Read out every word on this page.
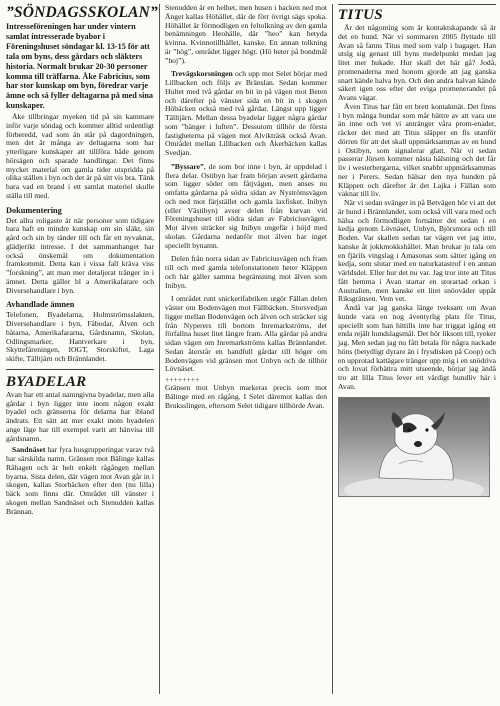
”SÖNDAGSSKOLAN”
Intresseföreningen har under vintern samlat intresserade byabor i Föreningshuset söndagar kl. 13-15 för att tala om byns, dess gårdars och släkters historia. Normalt brukar 20-30 personer komma till träffarna. Åke Fabricius, som har stor kunskap om byn, föredrar varje ämne och så fyller deltagarna på med sina kunskaper.

Åke tillbringar myeken tid på sin kammare inför varje söndag och kommer alltid ordentligt förberedd, vad som än står på dagordningen, men det är många av deltagarna som har ytterligare kunskaper att tillföra både genom hörsägen och sparade handlingar. Det finns mycket material om gamla tider utspridda på olika ställen i byn och det är på sitt vis bra. Tänk bara vad en brand i ett samlat materiel skulle ställa till med.

Dokumentering

Det allra roligaste är när personer som tidigare bara haft en mindre kunskap om sin släkt, sin gård och sin by tänder till och får ett nyvaknat, glädjerikt intresse. I det sammanhanget har också önskemål om dokumentation framkommit. Detta kan i vissa fall kräva viss ”forskning”, att man mer detaljerat tränger in i ämnet. Detta gäller bl a Amerikafarare och Diversehandlare i byn.

Avhandlade ämnen

Telefonen, Byadelarna, Holmströmsslakten, Diversehandlare i byn, Fåbodar, Älven och båtarna, Amerikafararna, Gårdsnamn, Skolan, Odlingsmarker, Hantverkare i byn, Skyttefåreningen, IOGT, Storskiftet, Laga skifte, Tälltjärn och Brännlandet.

BYADELAR

Avan har ett antal namngivna byadelar, men alla gårdar i byn ligger inte inom någon exakt byadel och gränserna för delarna har ibland ändrats. Ett sätt att mer exakt inom byadelen ange läge har till exempel varit att hänvisa till gårdsnamn.

Sandnäset har fyra husgrupperingar varav två har särskilda namn. Gränsen mot Bälinge kallas Råhagen och är helt enkelt rågången mellan byarna. Sista delen, där vägen mot Avan går in i skogen, kallas Storbäcken efter den (nu lilla) bäck som finns där. Området till vänster i skogen mellan Sandnäset och Stenudden kallas Brännan.

Stenudden är en helhet, men husen i backen ned mot Änget kallas Höhället, där de förr övrigt sägs spoka. Höhället är förmodligen en feltolkning av den gamla benämningen Heohälle, där ”heo” kan betyda kvinna. Kvinnotillhället, kanske. En annan tolkning är ”hög”, området ligger högt. (Hö heter på bondmål ”hoj”).

Trevägskorsningen och upp mot Selet börjar med Lillbacken och följs av Bränslan. Sedan kommer Hultet med två gårdar en bit in på vägen mot Beten och därefter på vänster sida en bit in i skogen Höbäcken också med två gårdar. Längst upp ligger Tälltjärn. Mellan dessa byadelar ligger några gårdar som ”hänger i luften”. Dessutom tillhör de första fastigheterna på vägen mot Alvikträsk också Avan. Området mellan Lillbacken och Åkerbäcken kallas Svedjan.

”Byssare”, de som bor inne i byn, är uppdelad i flera delar. Ostibyn har fram början avsett gårdarna som ligger söder om fåtjvägen, men anses nu omfatta gårdarna på södra sidan av Nyströmsvägen och ned mot färjstället och gamla laxfisket. Inibyn (eller Västibyn) avser delen från kurvan vid Föreningshuset till södra sidan av Fabriciusvägen. Mot älven sträcker sig Inibyn ungefär i höjd med skolan. Gårdarna nedanför mot älven har inget speciellt bynamn.

Delen från norra sidan av Fabriciusvägen och fram till och med gamla telefonstationen heter Kläppen och här gäller samma begränsning mot älven som Inibyn.

I området runt snickerifabriken utgör Fällan delen väster om Bodenvägen mot Fällbäcken. Storsvedjan ligger mellan Bodenvägen och älven och sträcker sig från Nyperers till bortom Inremarkströms, det förfallna huset litet längre fram. Alla gårdar på andra sidan vägen om Inremarkströms kallas Brännlandet. Sedan återstår en handfull gårdar till höger om Bodenvägen vid gränsen mot Unbyn och de tillhör Lövnäset.

++++++++

Gränsen mot Unbyn markeras precis som mot Bälinge med en rågång. I Selet däremot kallas den Bruksslingen, eftersom Selet tidigare tillhörde Avan.

TITUS

Är det någonting som är kontaktskapande så är det en hund. När vi sommaren 2005 flyttade till Avan så fanns Titus med som valp i bagaget. Han utslg sig genast till byns medelpunkt medan jag litet mer hukade. Hur skall det här gå? Jodå, promenaderna med honom gjorde att jag ganska snart kände halva byn. Och den andra halvan kände säkert igen oss efter det eviga promenerandet på Avans vägar.

Åven Titus har fått ett brett kontaktnät. Det finns i byn många hundar som mår bättre av att vara ute än inne och vet vi antränger våra prom-enader, räcker det med att Titus släpper en fis utanför dörren för att det skall uppmärksammas av en hund i Ostibyn, som signalerar glatt. När vi sedan passerar Jörsen kommer nästa hälsning och det får liv i westerbergarna, vilket snabbt uppmärksammas ner i Perers. Sedan hälsar den nya hunden på Kläppen och därefter är det Lajka i Fällan som vaknar till liv.

När vi sedan svänger in på Betvägen hör vi att det är hund i Brännlandet, som också vill vara med och hälsa och förmodligen fortsätter det sedan i en kedja genom Lövnäset, Unbyn, Björsmora och till Boden. Var skallen sedan tar vägen vet jag inte, kanske åt jokkmokkshållet. Man brukar ju tala om en fjärils vingslag i Amasonas som sätter igång en kedja, som slutar med en naturkatastrof i en annan världsdel. Eller hur det nu var. Jag tror inte att Titus fått hemma i Avan startar en storartad orkan i Australien, men kanske ett litet snöoväder uppåt Riksgränsen. Vem vet.

Ändå var jag ganska länge tveksam om Avan kunde vara en nog äventyrlig plats för Titus, speciellt som han hittills inte har triggat igång ett enda rejält hundslagsmål. Det hör liksom till, tyeker jag. Men sedan jag nu fått betala för några nackade höns (betydligt dyrare än i frysdisken på Coop) och en upprotad kattägare tränger upp mig i en snödriva och lovat förbättra mitt utseende, börjar jag ändå tro att lilla Titus lever ett värdigt hundliv här i Avan.
